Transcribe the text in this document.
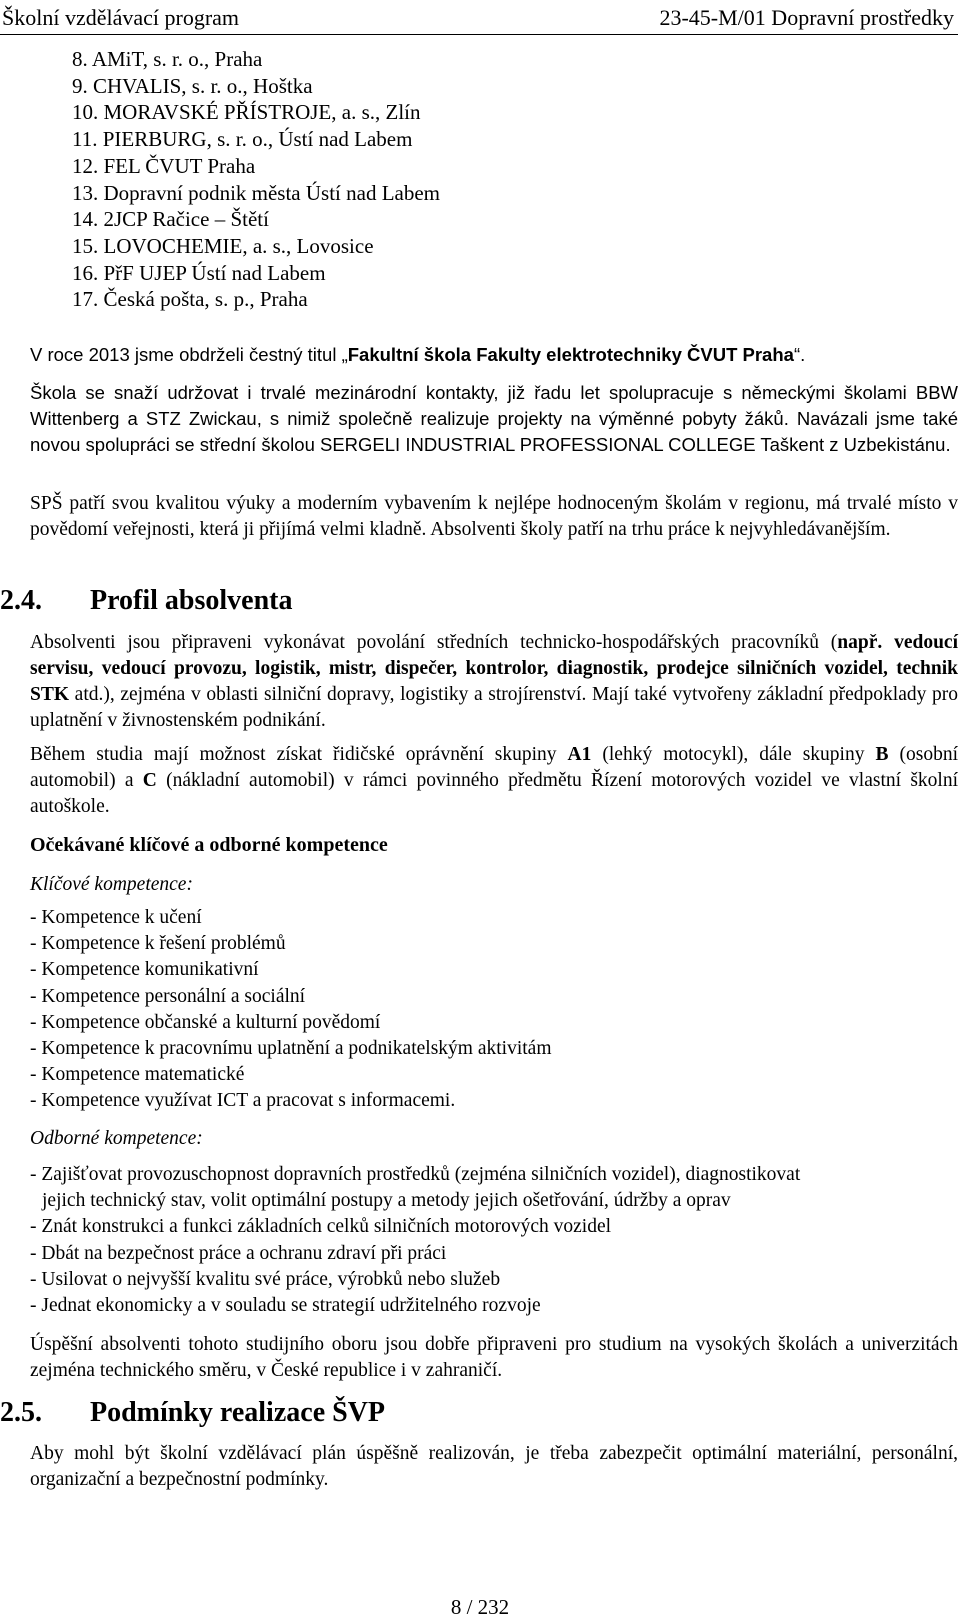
Školní vzdělávací program	23-45-M/01 Dopravní prostředky
8. AMiT, s. r. o., Praha
9. CHVALIS, s. r. o., Hoštka
10. MORAVSKÉ PŘÍSTROJE, a. s., Zlín
11. PIERBURG, s. r. o., Ústí nad Labem
12. FEL ČVUT Praha
13. Dopravní podnik města Ústí nad Labem
14. 2JCP Račice – Štětí
15. LOVOCHEMIE, a. s., Lovosice
16. PřF UJEP Ústí nad Labem
17. Česká pošta, s. p., Praha

V roce 2013 jsme obdrželi čestný titul „Fakultní škola Fakulty elektrotechniky ČVUT Praha“.

Škola se snaží udržovat i trvalé mezinárodní kontakty, již řadu let spolupracuje s německými školami BBW Wittenberg a STZ Zwickau, s nimiž společně realizuje projekty na výměnné pobyty žáků. Navázali jsme také novou spolupráci se střední školou SERGELI INDUSTRIAL PROFESSIONAL COLLEGE Taškent z Uzbekistánu.

SPŠ patří svou kvalitou výuky a moderním vybavením k nejlépe hodnoceným školám v regionu, má trvalé místo v povědomí veřejnosti, která ji přijímá velmi kladně. Absolventi školy patří na trhu práce k nejvyhledávanějším.

2.4. Profil absolventa

Absolventi jsou připraveni vykonávat povolání středních technicko-hospodářských pracovníků (např. vedoucí servisu, vedoucí provozu, logistik, mistr, dispečer, kontrolor, diagnostik, prodejce silničních vozidel, technik STK atd.), zejména v oblasti silniční dopravy, logistiky a strojírenství. Mají také vytvořeny základní předpoklady pro uplatnění v živnostenském podnikání.

Během studia mají možnost získat řidičské oprávnění skupiny A1 (lehký motocykl), dále skupiny B (osobní automobil) a C (nákladní automobil) v rámci povinného předmětu Řízení motorových vozidel ve vlastní školní autoškole.

Očekávané klíčové a odborné kompetence
Klíčové kompetence:
- Kompetence k učení
- Kompetence k řešení problémů
- Kompetence komunikativní
- Kompetence personální a sociální
- Kompetence občanské a kulturní povědomí
- Kompetence k pracovnímu uplatnění a podnikatelským aktivitám
- Kompetence matematické
- Kompetence využívat ICT a pracovat s informacemi.
Odborné kompetence:
- Zajišťovat provozuschopnost dopravních prostředků (zejména silničních vozidel), diagnostikovat
jejich technický stav, volit optimální postupy a metody jejich ošetřování, údržby a oprav
- Znát konstrukci a funkci základních celků silničních motorových vozidel
- Dbát na bezpečnost práce a ochranu zdraví při práci
- Usilovat o nejvyšší kvalitu své práce, výrobků nebo služeb
- Jednat ekonomicky a v souladu se strategií udržitelného rozvoje

Úspěšní absolventi tohoto studijního oboru jsou dobře připraveni pro studium na vysokých školách a univerzitách zejména technického směru, v České republice i v zahraničí.

2.5. Podmínky realizace ŠVP

Aby mohl být školní vzdělávací plán úspěšně realizován, je třeba zabezpečit optimální materiální, personální, organizační a bezpečnostní podmínky.

8 / 232
